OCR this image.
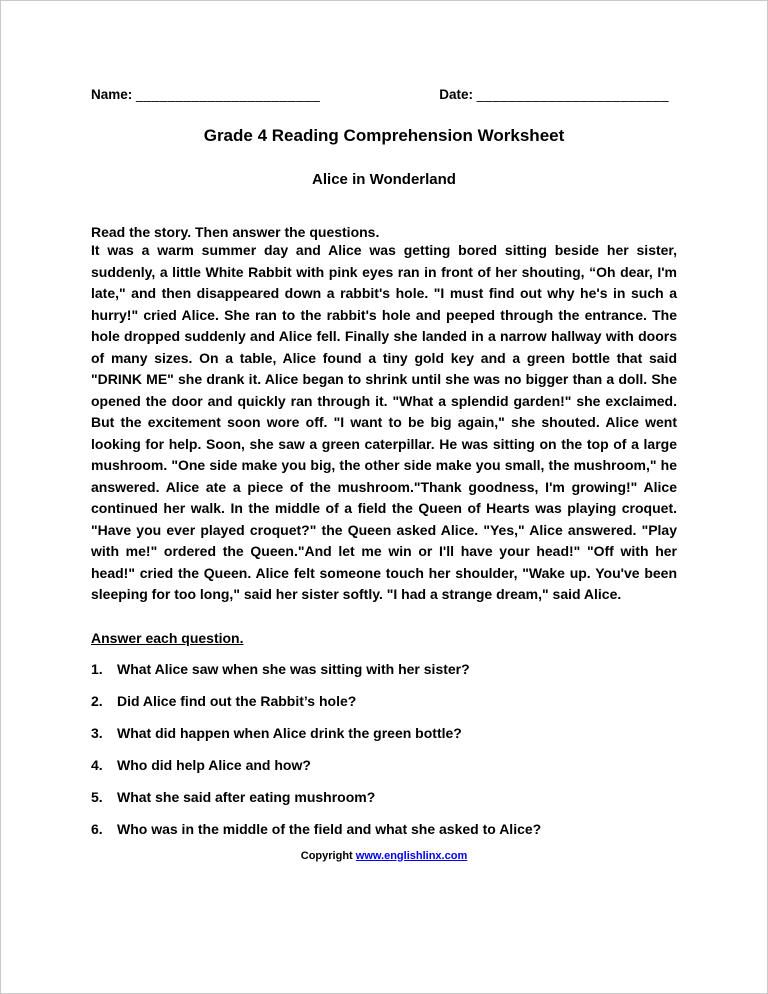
Name: _______________________	Date: ________________________
Grade 4 Reading Comprehension Worksheet
Alice in Wonderland

Read the story. Then answer the questions.

It was a warm summer day and Alice was getting bored sitting beside her sister, suddenly, a little White Rabbit with pink eyes ran in front of her shouting, “Oh dear, I'm late," and then disappeared down a rabbit's hole. "I must find out why he's in such a hurry!" cried Alice. She ran to the rabbit's hole and peeped through the entrance. The hole dropped suddenly and Alice fell. Finally she landed in a narrow hallway with doors of many sizes. On a table, Alice found a tiny gold key and a green bottle that said "DRINK ME" she drank it. Alice began to shrink until she was no bigger than a doll. She opened the door and quickly ran through it. "What a splendid garden!" she exclaimed. But the excitement soon wore off. "I want to be big again," she shouted. Alice went looking for help. Soon, she saw a green caterpillar. He was sitting on the top of a large mushroom. "One side make you big, the other side make you small, the mushroom," he answered. Alice ate a piece of the mushroom."Thank goodness, I'm growing!" Alice continued her walk. In the middle of a field the Queen of Hearts was playing croquet. "Have you ever played croquet?" the Queen asked Alice. "Yes," Alice answered. "Play with me!" ordered the Queen."And let me win or I'll have your head!" "Off with her head!" cried the Queen. Alice felt someone touch her shoulder, "Wake up. You've been sleeping for too long," said her sister softly. "I had a strange dream," said Alice.

Answer each question.

1.	What Alice saw when she was sitting with her sister?
2.	Did Alice find out the Rabbit’s hole?
3.	What did happen when Alice drink the green bottle?
4.	Who did help Alice and how?
5.	What she said after eating mushroom?
6.	Who was in the middle of the field and what she asked to Alice?
Copyright www.englishlinx.com
